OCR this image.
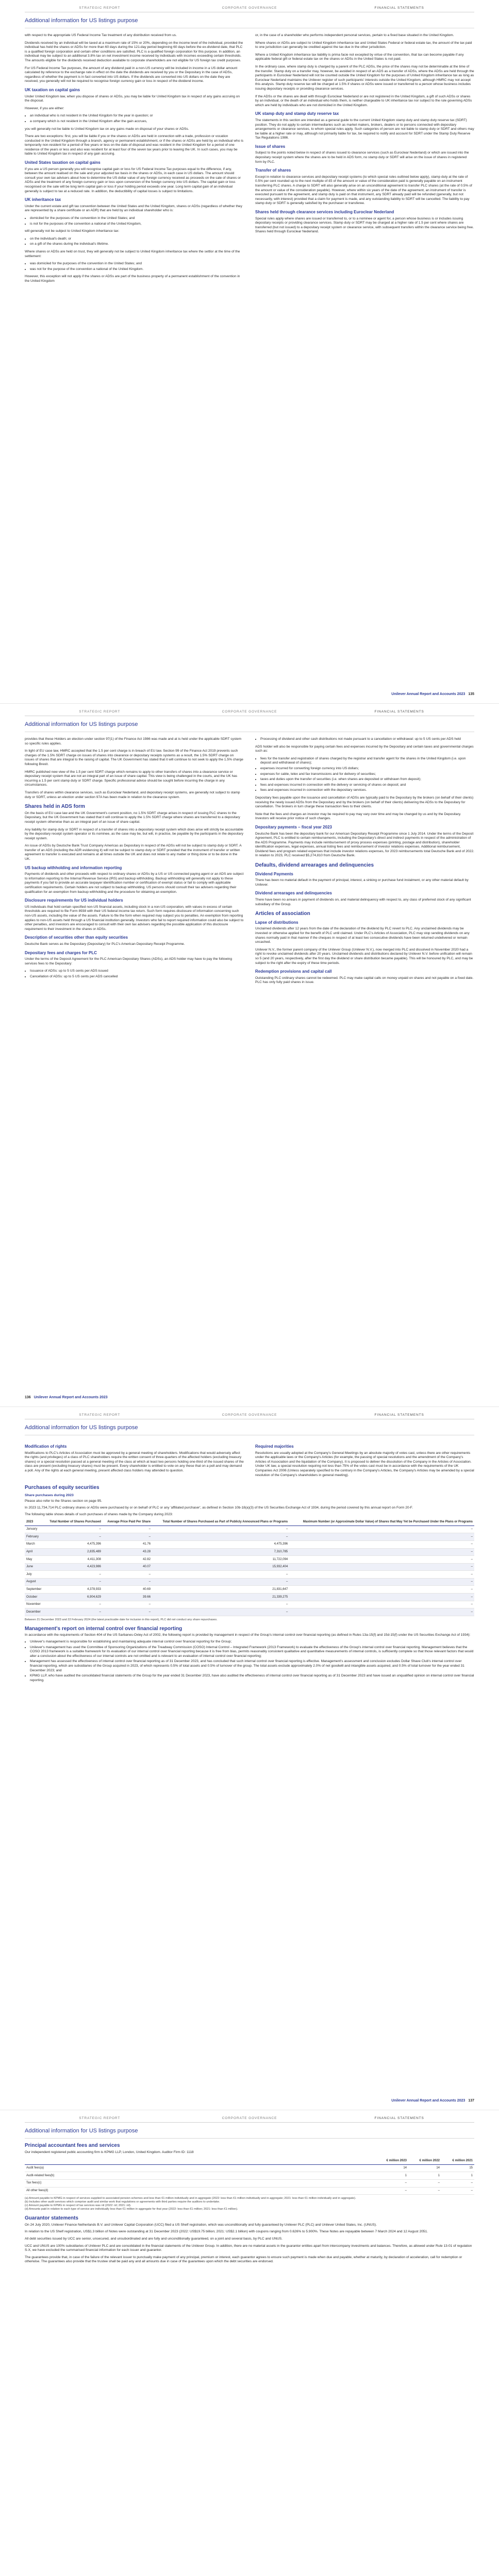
STRATEGIC REPORT	CORPORATE GOVERNANCE	FINANCIAL STATEMENTS
Additional information for US listings purpose

with respect to the appropriate US Federal Income Tax treatment of any distribution received from us.

Dividends received by an individual will be taxed at a maximum rate of 15% or 20%, depending on the income level of the individual, provided the individual has held the shares or ADSs for more than 60 days during the 121-day period beginning 60 days before the ex-dividend date, that PLC is a qualified foreign corporation and certain other conditions are satisfied. PLC is a qualified foreign corporation for this purpose. In addition, an individual may be subject to an additional 3.8% tax on net investment income received by individuals with incomes exceeding certain thresholds. The amounts eligible for the dividends received deduction available to corporate shareholders are not eligible for US foreign tax credit purposes.

For US Federal Income Tax purposes, the amount of any dividend paid in a non-US currency will be included in income in a US dollar amount calculated by reference to the exchange rate in effect on the date the dividends are received by you or the Depositary in the case of ADSs, regardless of whether the payment is in fact converted into US dollars. If the dividends are converted into US dollars on the date they are received, you generally will not be required to recognise foreign currency gain or loss in respect of the dividend income.

UK taxation on capital gains

Under United Kingdom law, when you dispose of shares or ADSs, you may be liable for United Kingdom tax in respect of any gains accruing on the disposal.

However, if you are either:

• an individual who is not resident in the United Kingdom for the year in question; or
• a company which is not resident in the United Kingdom after the gain accrues,

you will generally not be liable to United Kingdom tax on any gains made on disposal of your shares or ADSs.

There are two exceptions: first, you will be liable if you or the shares or ADSs are held in connection with a trade, profession or vocation conducted in the United Kingdom through a branch, agency or permanent establishment, or if the shares or ADSs are held by an individual who is temporarily non-resident for a period of five years or less on the date of disposal and was resident in the United Kingdom for a period of one residence of the years or less and also was resident for at least four of the seven tax years prior to leaving the UK. In such cases, you may be liable to United Kingdom tax in respect of any gain accruing.

United States taxation on capital gains

If you are a US person generally you will recognise capital gain or loss for US Federal Income Tax purposes equal to the difference, if any, between the amount realised on the sale and your adjusted tax basis in the shares or ADSs, in each case in US dollars. The amount should consult your own tax advisers about how to determine the US dollar value of any foreign currency received as proceeds on the sale of shares or ADSs and the treatment of any foreign currency gain or loss upon conversion of the foreign currency into US dollars. The capital gain or loss recognised on the sale will be long term capital gain or loss if your holding period exceeds one year. Long term capital gain of an individual generally is subject to tax at a reduced rate. In addition, the deductibility of capital losses is subject to limitations.

UK inheritance tax

Under the current estate and gift tax convention between the United States and the United Kingdom, shares or ADSs (regardless of whether they are represented by a share certificate or an ADR) that are held by an individual shareholder who is:

• domiciled for the purposes of the convention in the United States; and
• is not for the purposes of the convention a national of the United Kingdom,

will generally not be subject to United Kingdom inheritance tax:

• on the individual's death; or
• on a gift of the shares during the individual's lifetime.

Where shares or ADSs are held on trust, they will generally not be subject to United Kingdom inheritance tax where the settlor at the time of the settlement:

• was domiciled for the purposes of the convention in the United States; and
• was not for the purpose of the convention a national of the United Kingdom.

However, this exception will not apply if the shares or ADSs are part of the business property of a permanent establishment of the convention in the United Kingdom

or, in the case of a shareholder who performs independent personal services, pertain to a fixed base situated in the United Kingdom.

Where shares or ADSs are subject to United Kingdom inheritance tax and United States Federal or federal estate tax, the amount of the tax paid to one jurisdiction can generally be credited against the tax due in the other jurisdiction.

Where a United Kingdom inheritance tax liability is prima facie not excepted by virtue of the convention, that tax can become payable if any applicable federal gift or federal estate tax on the shares or ADSs in the United States is not paid.

In the ordinary case, where stamp duty is charged by a parent of the PLC ADSs, the price of the shares may not be determinable at the time of the transfer. Stamp duty on a transfer may, however, be avoided in respect of an ADS as a transfer of ADSs, where the ADSs are held through the participants in Euroclear Nederland will not be counted outside the United Kingdom for the purposes of United Kingdom inheritance tax as long as Euroclear Nederland maintains the Unilever register of such participants' interests outside the United Kingdom, although HMRC may not accept this analysis. Stamp duty reserve tax will be charged at 1.5% if shares or ADSs were issued or transferred to a person whose business includes issuing depositary receipts or providing clearance services.

If the ADSs or the shares are dealt with through Euroclear Nederland or are not registered in the United Kingdom, a gift of such ADSs or shares by an individual, or the death of an individual who holds them, is neither chargeable to UK inheritance tax nor subject to the rule governing ADSs which are held by individuals who are not domiciled in the United Kingdom.

UK stamp duty and stamp duty reserve tax

The statements in this section are intended as a general guide to the current United Kingdom stamp duty and stamp duty reserve tax (SDRT) position. They do not apply to certain intermediaries such as market makers, brokers, dealers or to persons connected with depositary arrangements or clearance services, to whom special rules apply. Such categories of person are not liable to stamp duty or SDRT and others may be liable at a higher rate or may, although not primarily liable for tax, be required to notify and account for SDRT under the Stamp Duty Reserve Tax Regulations 1986.

Issue of shares

Subject to the points noted below in respect of shares issued to clearance services (such as Euroclear Nederland) or which are issued into the depositary receipt system where the shares are to be held in ADS form, no stamp duty or SDRT will arise on the issue of shares in registered form by PLC.

Transfer of shares

Except in relation to clearance services and depositary receipt systems (to which special rules outlined below apply), stamp duty at the rate of 0.5% per cent rounded up to the next multiple of £5 of the amount or value of the consideration paid is generally payable on an instrument transferring PLC shares. A charge to SDRT will also generally arise on an unconditional agreement to transfer PLC shares (at the rate of 0.5% of the amount or value of the consideration payable). However, where within six years of the date of the agreement, an instrument of transfer is executed pursuant to the agreement, and stamp duty is paid on that instrument, any SDRT already paid will be refunded (generally, but not necessarily, with interest) provided that a claim for payment is made, and any outstanding liability to SDRT will be cancelled. The liability to pay stamp duty or SDRT is generally satisfied by the purchaser or transferee.

Shares held through clearance services including Euroclear Nederland

Special rules apply where shares are issued or transferred to, or to a nominee or agent for, a person whose business is or includes issuing depositary receipts or providing clearance services. Stamp duty or SDRT may be charged at a higher rate of 1.5 per cent where shares are transferred (but not issued) to a depositary receipt system or clearance service, with subsequent transfers within the clearance service being free. Shares held through Euroclear Nederland.

Unilever Annual Report and Accounts 2023 135
STRATEGIC REPORT	CORPORATE GOVERNANCE	FINANCIAL STATEMENTS
Additional information for US listings purpose

provides that these Holders an election under section 97(1) of the Finance Act 1986 was made and at is held under the applicable SDRT system so specific rules applies.

In light of EU case law, HMRC accepted that the 1.5 per cent charge is in breach of EU law. Section 99 of the Finance Act 2019 prevents such charges of the 1.5% SDRT charge on issues of shares into clearance or depositary receipts systems as a result, the 1.5% SDRT charge on issues of shares that are integral to the raising of capital. The UK Government has stated that it will continue to not seek to apply the 1.5% charge following Brexit.

HMRC published new view of the 1.5 per cent SDRT charge which remains to apply to other transfers of shares into a clearance service or depositary receipt system that are not an integral part of an issue of share capital. This view is being challenged in the courts, and the UK has incurring a 1.5 per cent stamp duty or SDRT charge. Specific professional advice should be sought before incurring the charge in any circumstances.

Transfers of shares within clearance services, such as Euroclear Nederland, and depositary receipt systems, are generally not subject to stamp duty or SDRT, unless an election under section 97A has been made in relation to the clearance system.

Shares held in ADS form

On the basis of EU case law and the UK Government's current position, no 1.5% SDRT charge arises in respect of issuing PLC shares to the Depositary, but the UK Government has stated that it will continue to apply the 1.5% SDRT charge where shares are transferred to a depositary receipt system otherwise than as an integral part of an issue of share capital.

Any liability for stamp duty or SDRT in respect of a transfer of shares into a depositary receipt system which does arise will strictly be accountable by the depositary receipt system operator or its nominee, as the case may be, but will, in practice, be payable by the participants in the depositary receipt system.

An issue of ADSs by Deutsche Bank Trust Company Americas as Depositary in respect of the ADSs will not be subject to stamp duty or SDRT. A transfer of an ADS (including the ADR evidencing it) will not be subject to stamp duty or SDRT provided that the instrument of transfer or written agreement to transfer is executed and remains at all times outside the UK and does not relate to any matter or thing done or to be done in the UK.

US backup withholding and information reporting

Payments of dividends and other proceeds with respect to ordinary shares or ADSs by a US or US connected paying agent or an ADS are subject to information reporting to the Internal Revenue Service (IRS) and backup withholding. Backup withholding will generally not apply to these payments if you fail to provide an accurate taxpayer identification number or certification of exempt status or fail to comply with applicable certification requirements. Certain holders are not subject to backup withholding. US persons should consult their tax advisers regarding their qualification for an exemption from backup withholding and the procedure for obtaining an exemption.

Disclosure requirements for US individual holders

US individuals that hold certain specified non-US financial assets, including stock in a non-US corporation, with values in excess of certain thresholds are required to file Form 8938 with their US federal income tax return. Such form requires disclosure of information concerning such non-US assets, including the value of the assets. Failure to file the form when required may subject you to penalties. An exemption from reporting applies to non-US assets held through a US financial institution generally. Investors who fail to report required information could also be subject to other penalties, and investors are encouraged to consult with their own tax advisers regarding the possible application of this disclosure requirement to their investment in the shares or ADSs.

Description of securities other than equity securities

Deutsche Bank serves as the Depositary (Depositary) for PLC's American Depositary Receipt Programme.

Depositary fees and charges for PLC

Under the terms of the Deposit Agreement for the PLC American Depositary Shares (ADSs), an ADS holder may have to pay the following services fees to the Depositary:

• Issuance of ADSs: up to 5 US cents per ADS issued
• Cancellation of ADSs: up to 5 US cents per ADS cancelled
• Processing of dividend and other cash distributions not made pursuant to a cancellation or withdrawal: up to 5 US cents per ADS held

ADS holder will also be responsible for paying certain fees and expenses incurred by the Depositary and certain taxes and governmental charges such as:

• fees for the transfer and registration of shares charged by the registrar and transfer agent for the shares in the United Kingdom (i.e. upon deposit and withdrawal of shares);
• expenses incurred for converting foreign currency into US dollars;
• expenses for cable, telex and fax transmissions and for delivery of securities;
• taxes and duties upon the transfer of securities (i.e. when shares are deposited or withdrawn from deposit);
• fees and expenses incurred in connection with the delivery or servicing of shares on deposit; and
• fees and expenses incurred in connection with the depositary services.

Depositary fees payable upon the issuance and cancellation of ADSs are typically paid to the Depositary by the brokers (on behalf of their clients) receiving the newly issued ADSs from the Depositary and by the brokers (on behalf of their clients) delivering the ADSs to the Depositary for cancellation. The brokers in turn charge these transaction fees to their clients.

Note that the fees and charges an investor may be required to pay may vary over time and may be changed by us and by the Depositary. Investors will receive prior notice of such changes.

Depositary payments – fiscal year 2023

Deutsche Bank has been the depositary bank for our American Depositary Receipt Programme since 1 July 2014. Under the terms of the Deposit Agreement, PLC is entitled to certain reimbursements, including the Depositary's direct and indirect payments in respect of the administration of the ADS Programme. Payments may include reimbursement of proxy process expenses (printing, postage and distribution), shareholder identification expenses, legal expenses, annual listing fees and reimbursement of investor relations expenses. Additional reimbursement, Dividend fees and program related expenses that include investor relations expenses, for 2023 reimbursements total Deutsche Bank and of 2022. In relation to 2023, PLC received $5,274,810 from Deutsche Bank.

Defaults, dividend arrearages and delinquencies
Dividend Payments

There has been no material default in the payment of principal, interest, a sinking or purchase fund instalment, or any other material default by Unilever.

Dividend arrearages and delinquencies

There have been no arrears in payment of dividends on, and material delinquency with respect to, any class of preferred stock of any significant subsidiary of the Group.

Articles of association
Lapse of distributions

Unclaimed dividends after 12 years from the date of the declaration of the dividend by PLC revert to PLC. Any unclaimed dividends may be invested or otherwise applied for the benefit of PLC until claimed. Under PLC's Articles of Association, PLC may stop sending dividends on any shares normally paid in that manner if the cheques in respect of at least two consecutive dividends have been returned undelivered or remain uncashed.

Unilever N.V., the former parent company of the Unilever Group (Unilever N.V.), now merged into PLC and dissolved in November 2020 had a right to revoke unclaimed dividends after 20 years. Unclaimed dividends and distributions declared by Unilever N.V. before unification will remain so 5 (and 20 years, respectively, after the first day the dividend or share distribution became payable). This will be honoured by PLC, and may be subject to the right after the expiry of these time periods.

Redemption provisions and capital call

Outstanding PLC ordinary shares cannot be redeemed. PLC may make capital calls on money unpaid on shares and not payable on a fixed date. PLC has only fully paid shares in issue.

136 Unilever Annual Report and Accounts 2023
STRATEGIC REPORT	CORPORATE GOVERNANCE	FINANCIAL STATEMENTS
Additional information for US listings purpose
Modification of rights

Modifications to PLC's Articles of Association must be approved by a general meeting of shareholders. Modifications that would adversely affect the rights (and privileges) of a class of PLC shareholders require the written consent of three-quarters of the affected holders (excluding treasury shares) or a special resolution passed at a general meeting of the class at which at least two persons holding one-third of the issued shares of the class are present (excluding treasury shares) must be present. Every shareholder is entitled to vote on any these that on a poll and may demand a poll. Any of the rights at each general meeting, present affected class holders may attended to question.

Required majorities

Resolutions are usually adopted at the Company's General Meetings by an absolute majority of votes cast, unless there are other requirements under the applicable laws or the Company's Articles (for example, the passing of special resolutions and the amendment of the Company's Articles of Association and the liquidation of the Company). It is proposed to deliver the dissolution of the Company in the Articles of Association. Under UK law, a special resolution requiring not less than 75% of the votes cast must be in accordance with the requirements of the UK Companies Act 2006 (Unless separately specified to the contrary in the Company's Articles, the Company's Articles may be amended by a special resolution of the Company's shareholders in general meeting).

Purchases of equity securities
Share purchases during 2023

Please also refer to the Shares section on page 95.

In 2023 11,734,714 PLC ordinary shares or ADSs were purchased by or on behalf of PLC or any 'affiliated purchaser', as defined in Section 10b-18(a)(3) of the US Securities Exchange Act of 1934, during the period covered by this annual report on Form 20-F.

The following table shows details of such purchases of shares made by the Company during 2023:

2023	Total Number of Shares Purchased	Average Price Paid Per Share	Total Number of Shares Purchased as Part of Publicly Announced Plans or Programs	Maximum Number (or Approximate Dollar Value) of Shares that May Yet be Purchased Under the Plans or Programs
January	–	–	–	–
February	–	–	–	–
March	4,475,396	41.76	4,475,396	–
April	2,835,489	43.28	7,310,785	–
May	4,411,308	42.82	11,722,094	–
June	4,423,986	40.07	15,932,404	–
July	–	–	–	–
August	–	–	–	–
September	4,378,933	40.69	21,831,647	–
October	6,904,629	39.66	21,339,275	–
November	–	–	–	–
December	–	–	–	–

Between 21 December 2023 and 22 February 2024 (the latest practicable date for inclusion in this report), PLC did not conduct any share repurchases.

Management's report on internal control over financial reporting

In accordance with the requirements of Section 404 of the US Sarbanes-Oxley Act of 2002, the following report is provided by management in respect of the Group's internal control over financial reporting (as defined in Rules 13a-15(f) and 15d-15(f) under the US Securities Exchange Act of 1934):

• Unilever's management is responsible for establishing and maintaining adequate internal control over financial reporting for the Group;
• Unilever's management has used the Committee of Sponsoring Organizations of the Treadway Commission (COSO) Internal Control – Integrated Framework (2013 Framework) to evaluate the effectiveness of the Group's internal control over financial reporting. Management believes that the COSO 2013 framework is a suitable framework for its evaluation of our internal control over financial reporting because it is free from bias, permits reasonably consistent qualitative and quantitative measurements of internal controls, is sufficiently complete so that those relevant factors that would alter a conclusion about the effectiveness of our internal controls are not omitted and is relevant to an evaluation of internal control over financial reporting;
• Management has assessed the effectiveness of internal control over financial reporting as of 31 December 2023, and has concluded that such internal control over financial reporting is effective. Management's assessment and conclusion excludes Dollar Shave Club's internal control over financial reporting, which are subsidiaries of the Group acquired in 2023, of which represents 0.5% of total assets and 0.5% of turnover of the group. The total assets exclude approximately 2.0% of net goodwill and intangible assets acquired, and 0.5% of total turnover for the year ended 31 December 2023; and
• KPMG LLP, who have audited the consolidated financial statements of the Group for the year ended 31 December 2023, have also audited the effectiveness of internal control over financial reporting as of 31 December 2023 and have issued an unqualified opinion on internal control over financial reporting.
Unilever Annual Report and Accounts 2023 137
STRATEGIC REPORT	CORPORATE GOVERNANCE	FINANCIAL STATEMENTS
Additional information for US listings purpose
Principal accountant fees and services

Our independent registered public accounting firm is KPMG LLP, London, United Kingdom. Auditor Firm ID: 1118

	€ million 2023	€ million 2022	€ million 2021
Audit fees(a)	14	14	15
Audit-related fees(b)	1	1	1
Tax fees(c)	–	–	–
All other fees(d)	–	–	–
(a) Amount payable to KPMG in respect of services supplied to associated pension schemes and less than €1 million individually and in aggregate (2022: less than €1 million individually and in aggregate; 2021: less than €1 million individually and in aggregate).
(b) Includes other audit services which comprise audit and similar work that regulations or agreements with third parties require the auditors to undertake.
(c) Amount payable to KPMG in respect of tax services was nil (2022: nil; 2021: nil).
(d) Amounts paid in relation to each type of service are individually less than €1 million in aggregate for that year (2022: less than €1 million; 2021: less than €1 million).
Guarantor statements

On 24 July 2020, Unilever Finance Netherlands B.V. and Unilever Capital Corporation (UCC) filed a US Shelf registration, which was unconditionally and fully guaranteed by Unilever PLC (PLC) and Unilever United States, Inc. (UNUS).

In relation to the US Shelf registration, US$1.3 billion of Notes were outstanding at 31 December 2023 (2022: US$19.75 billion; 2021: US$2.1 billion) with coupons ranging from 0.626% to 5.900%. These Notes are repayable between 7 March 2024 and 12 August 2051.

All debt securities issued by UCC are senior, unsecured, and unsubordinated and are fully and unconditionally guaranteed, on a joint and several basis, by PLC and UNUS.

UCC and UNUS are 100% subsidiaries of Unilever PLC and are consolidated in the financial statements of the Unilever Group. In addition, there are no material assets in the guarantor entities apart from intercompany investments and balances. Therefore, as allowed under Rule 13-01 of regulation S-X, we have excluded the summarised financial information for each issuer and guarantor.

The guarantees provide that, in case of the failure of the relevant issuer to punctually make payment of any principal, premium or interest, each guarantor agrees to ensure such payment is made when due and payable, whether at maturity, by declaration of acceleration, call for redemption or otherwise. The guarantees also provide that the trustee shall be paid any and all amounts due in case of the guarantees upon which the debt securities are endorsed.
